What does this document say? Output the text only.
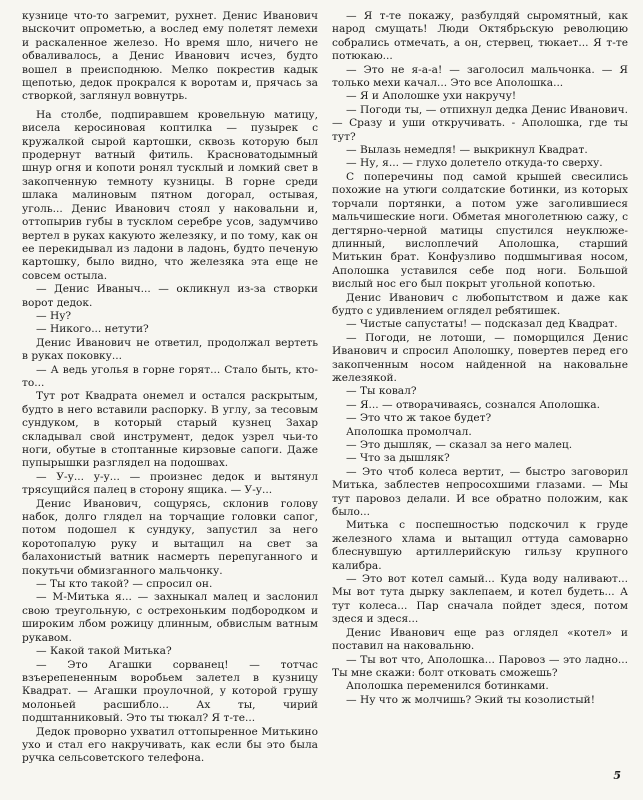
кузнице что-то загремит, рухнет. Денис Иванович выскочит опрометью, а вослед ему полетят лемехи и раскаленное железо. Но время шло, ничего не обваливалось, а Денис Иванович исчез, будто вошел в преисподнюю. Мелко покрестив кадык щепотью, дедок прокрался к воротам и, прячась за створкой, заглянул вовнутрь.

На столбе, подпиравшем кровельную матицу, висела керосиновая коптилка — пузырек с кружалкой сырой картошки, сквозь которую был продернут ватный фитиль. Красноватодымный шнур огня и копоти ронял тусклый и ломкий свет в закопченную темноту кузницы. В горне среди шлака малиновым пятном догорал, остывая, уголь... Денис Иванович стоял у наковальни и, оттопырив губы в тусклом серебре усов, задумчиво вертел в руках какуюто железяку, и по тому, как он ее перекидывал из ладони в ладонь, будто печеную картошку, было видно, что железяка эта еще не совсем остыла.

— Денис Иваныч... — окликнул из-за створки ворот дедок.

— Ну?

— Никого... нетути?

Денис Иванович не ответил, продолжал вертеть в руках поковку...

— А ведь уголья в горне горят... Стало быть, кто-то...

Тут рот Квадрата онемел и остался раскрытым, будто в него вставили распорку. В углу, за тесовым сундуком, в который старый кузнец Захар складывал свой инструмент, дедок узрел чьи-то ноги, обутые в стоптанные кирзовые сапоги. Даже пупырышки разглядел на подошвах.

— У-у... у-у... — произнес дедок и вытянул трясущийся палец в сторону ящика. — У-у...

Денис Иванович, сощурясь, склонив голову набок, долго глядел на торчащие головки сапог, потом подошел к сундуку, запустил за него коротопалую руку и вытащил на свет за балахонистый ватник насмерть перепуганного и покутьчи обмизганного мальчонку.

— Ты кто такой? — спросил он.

— М-Митька я... — захныкал малец и заслонил свою треугольную, с острехоньким подбородком и широким лбом рожицу длинным, обвислым ватным рукавом.

— Какой такой Митька?

— Это Агашки сорванец! — тотчас взъерепененным воробьем залетел в кузницу Квадрат. — Агашки проулочной, у которой грушу молоньей расшибло... Ах ты, чирий подштанниковый. Это ты тюкал? Я т-те...

Дедок проворно ухватил оттопыренное Митькино ухо и стал его накручивать, как если бы это была ручка сельсоветского телефона.

— Я т-те покажу, разбулдяй сыромятный, как народ смущать! Люди Октябрьскую революцию собрались отмечать, а он, стервец, тюкает... Я т-те потюкаю...

— Это не я-а-а! — заголосил мальчонка. — Я только мехи качал... Это все Аполошка...

— Я и Аполошке ухи накручу!

— Погоди ты, — отпихнул дедка Денис Иванович. — Сразу и уши откручивать. - Аполошка, где ты тут?

— Вылазь немедля! — выкрикнул Квадрат.

— Ну, я... — глухо долетело откуда-то сверху.

С поперечины под самой крышей свесились похожие на утюги солдатские ботинки, из которых торчали портянки, а потом уже заголившиеся мальчишеские ноги. Обметая многолетнюю сажу, с дегтярно-черной матицы спустился неуклюже-длинный, вислоплечий Аполошка, старший Митькин брат. Конфузливо подшмыгивая носом, Аполошка уставился себе под ноги. Большой вислый нос его был покрыт угольной копотью.

Денис Иванович с любопытством и даже как будто с удивлением оглядел ребятишек.

— Чистые сапустаты! — подсказал дед Квадрат.

— Погоди, не лотоши, — поморщился Денис Иванович и спросил Аполошку, повертев перед его закопченным носом найденной на наковальне железякой.

— Ты ковал?

— Я... — отворачиваясь, сознался Аполошка.

— Это что ж такое будет?

Аполошка промолчал.

— Это дышляк, — сказал за него малец.

— Что за дышляк?

— Это чтоб колеса вертит, — быстро заговорил Митька, заблестев непросохшими глазами. — Мы тут паровоз делали. И все обратно положим, как было...

Митька с поспешностью подскочил к груде железного хлама и вытащил оттуда самоварно блеснувшую артиллерийскую гильзу крупного калибра.

— Это вот котел самый... Куда воду наливают... Мы вот тута дырку заклепаем, и котел будеть... А тут колеса... Пар сначала пойдет здеся, потом здеся и здеся...

Денис Иванович еще раз оглядел «котел» и поставил на наковальню.

— Ты вот что, Аполошка... Паровоз — это ладно... Ты мне скажи: болт отковать сможешь?

Аполошка переменился ботинками.

— Ну что ж молчишь? Экий ты козолистый!

5
